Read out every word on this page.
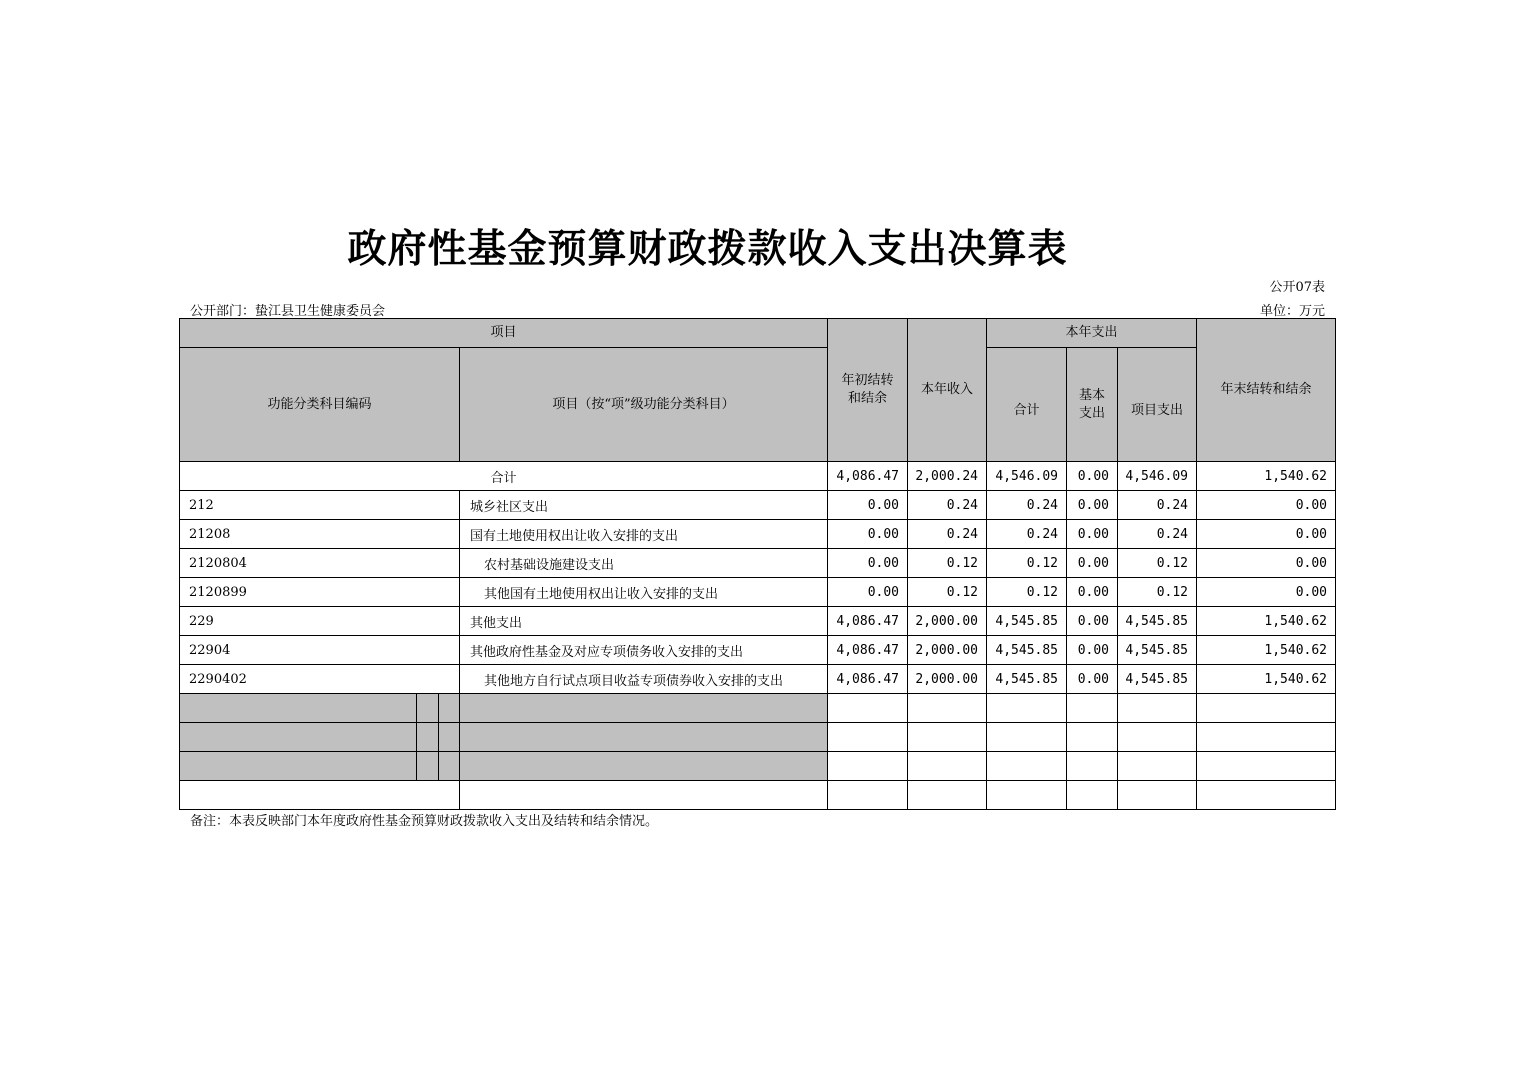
政府性基金预算财政拨款收入支出决算表
公开07表
公开部门：蛰江县卫生健康委员会	单位：万元
项目				年初结转和结余	本年收入	本年支出			年末结转和结余
功能分类科目编码			项目（按“项”级功能分类科目）			合计	基本支出	项目支出	
合计				4,086.47	2,000.24	4,546.09	0.00	4,546.09	1,540.62
212			城乡社区支出	0.00	0.24	0.24	0.00	0.24	0.00
21208			国有土地使用权出让收入安排的支出	0.00	0.24	0.24	0.00	0.24	0.00
2120804			农村基础设施建设支出	0.00	0.12	0.12	0.00	0.12	0.00
2120899			其他国有土地使用权出让收入安排的支出	0.00	0.12	0.12	0.00	0.12	0.00
229			其他支出	4,086.47	2,000.00	4,545.85	0.00	4,545.85	1,540.62
22904			其他政府性基金及对应专项债务收入安排的支出	4,086.47	2,000.00	4,545.85	0.00	4,545.85	1,540.62
2290402			其他地方自行试点项目收益专项债券收入安排的支出	4,086.47	2,000.00	4,545.85	0.00	4,545.85	1,540.62

备注：本表反映部门本年度政府性基金预算财政拨款收入支出及结转和结余情况。
